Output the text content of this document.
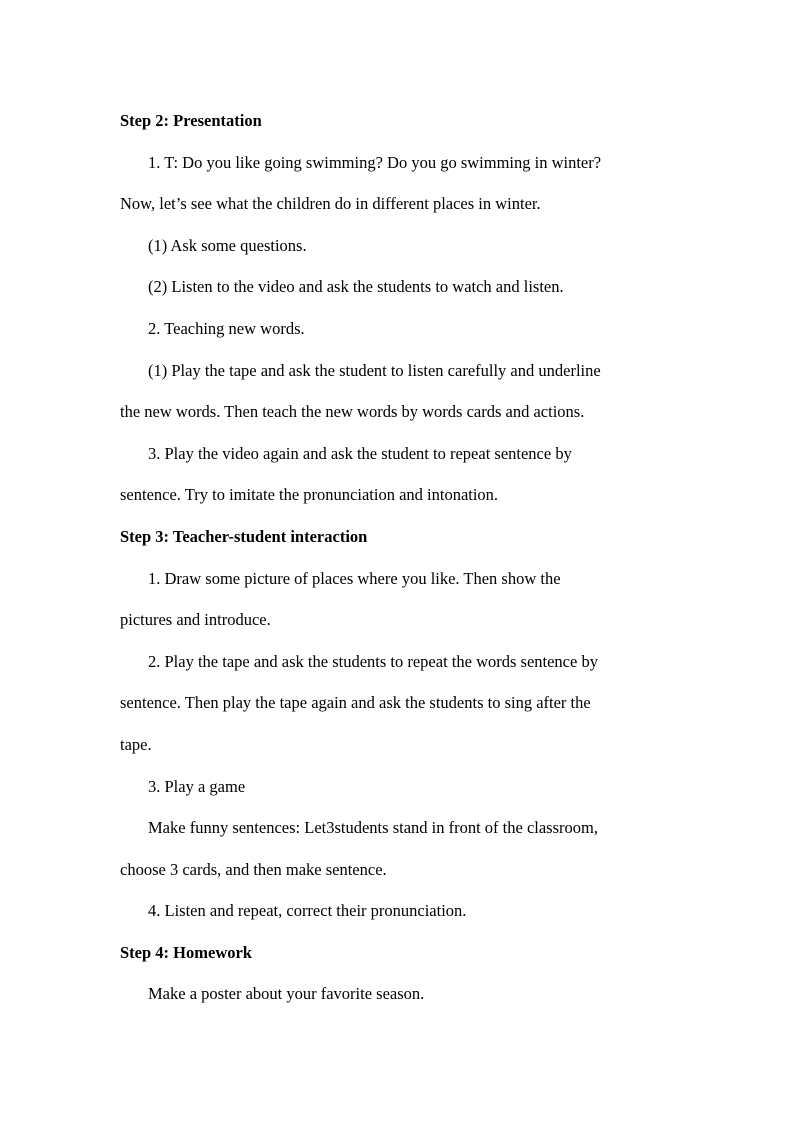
Step 2: Presentation

1. T: Do you like going swimming? Do you go swimming in winter?

Now, let’s see what the children do in different places in winter.

(1) Ask some questions.

(2) Listen to the video and ask the students to watch and listen.

2. Teaching new words.

(1) Play the tape and ask the student to listen carefully and underline

the new words. Then teach the new words by words cards and actions.

3. Play the video again and ask the student to repeat sentence by

sentence. Try to imitate the pronunciation and intonation.

Step 3: Teacher-student interaction

1. Draw some picture of places where you like. Then show the

pictures and introduce.

2. Play the tape and ask the students to repeat the words sentence by

sentence. Then play the tape again and ask the students to sing after the

tape.

3. Play a game

Make funny sentences: Let3students stand in front of the classroom,

choose 3 cards, and then make sentence.

4. Listen and repeat, correct their pronunciation.

Step 4: Homework

Make a poster about your favorite season.
